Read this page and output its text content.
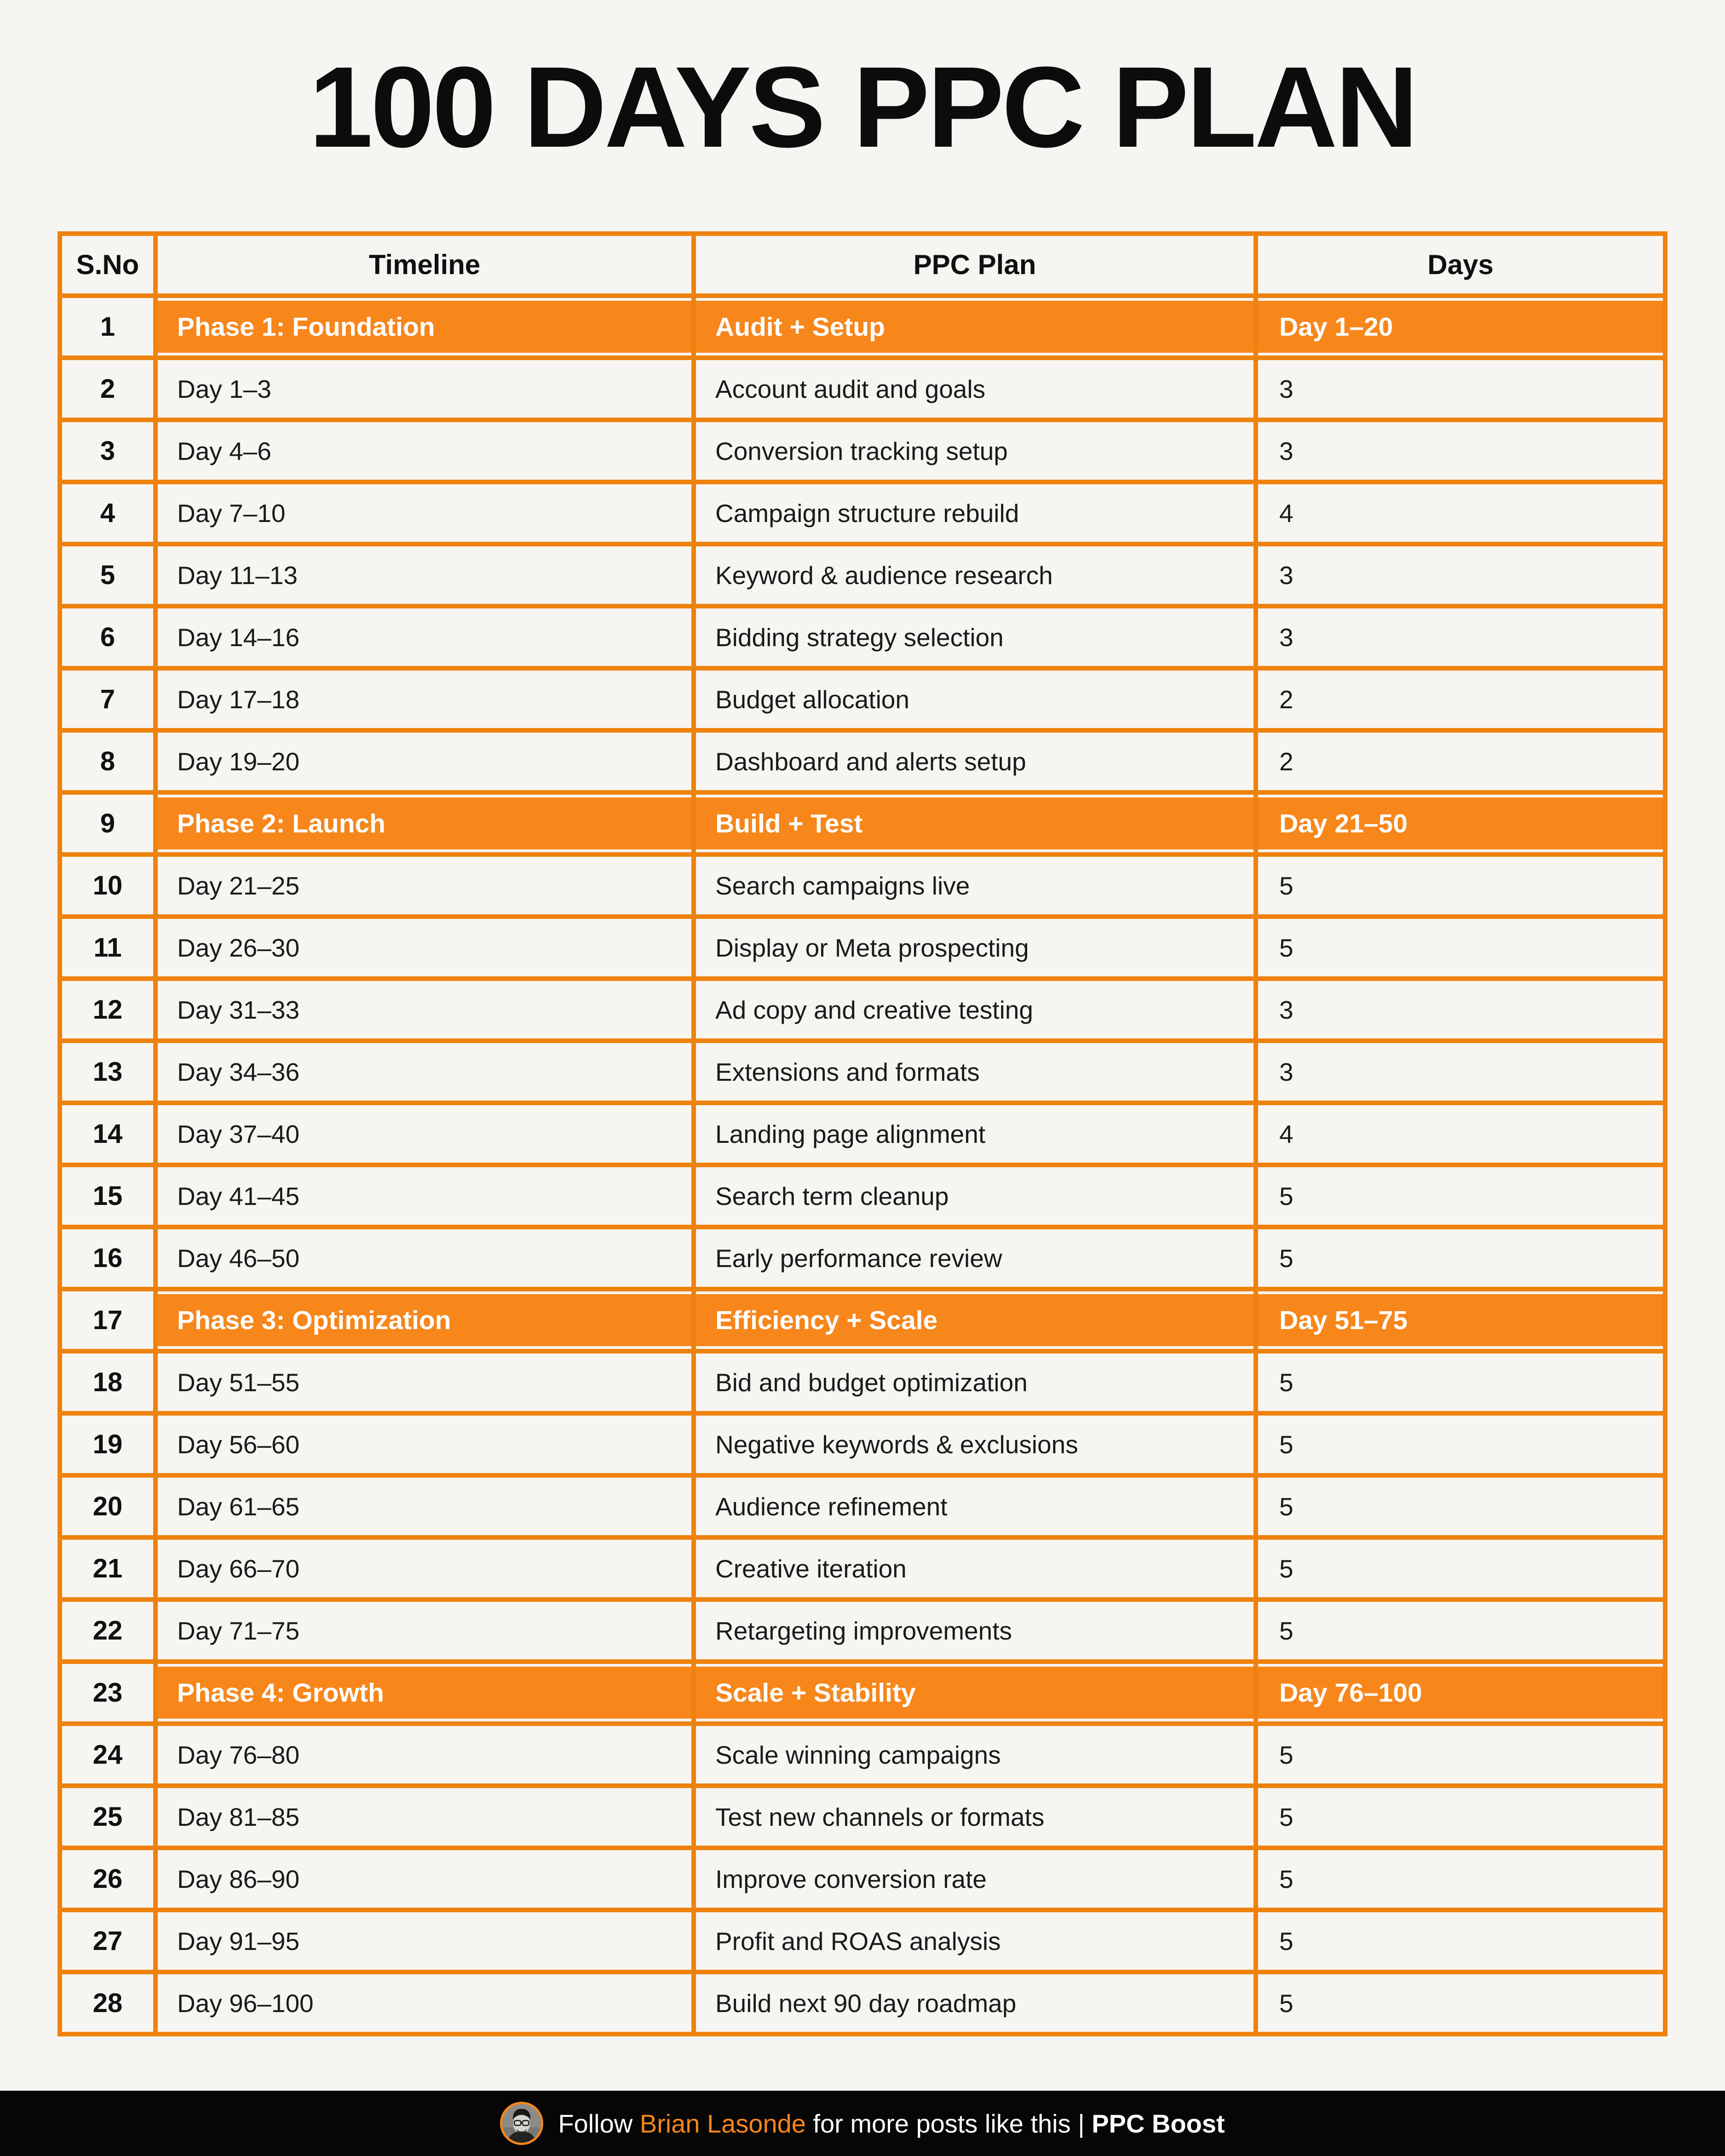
100 DAYS PPC PLAN
S.No	Timeline	PPC Plan	Days

1	Phase 1: Foundation	Audit + Setup	Day 1–20

2	Day 1–3	Account audit and goals	3

3	Day 4–6	Conversion tracking setup	3

4	Day 7–10	Campaign structure rebuild	4

5	Day 11–13	Keyword & audience research	3

6	Day 14–16	Bidding strategy selection	3

7	Day 17–18	Budget allocation	2

8	Day 19–20	Dashboard and alerts setup	2

9	Phase 2: Launch	Build + Test	Day 21–50

10	Day 21–25	Search campaigns live	5

11	Day 26–30	Display or Meta prospecting	5

12	Day 31–33	Ad copy and creative testing	3

13	Day 34–36	Extensions and formats	3

14	Day 37–40	Landing page alignment	4

15	Day 41–45	Search term cleanup	5

16	Day 46–50	Early performance review	5

17	Phase 3: Optimization	Efficiency + Scale	Day 51–75

18	Day 51–55	Bid and budget optimization	5

19	Day 56–60	Negative keywords & exclusions	5

20	Day 61–65	Audience refinement	5

21	Day 66–70	Creative iteration	5

22	Day 71–75	Retargeting improvements	5

23	Phase 4: Growth	Scale + Stability	Day 76–100

24	Day 76–80	Scale winning campaigns	5

25	Day 81–85	Test new channels or formats	5

26	Day 86–90	Improve conversion rate	5

27	Day 91–95	Profit and ROAS analysis	5

28	Day 96–100	Build next 90 day roadmap	5
Follow Brian Lasonde for more posts like this | PPC Boost
